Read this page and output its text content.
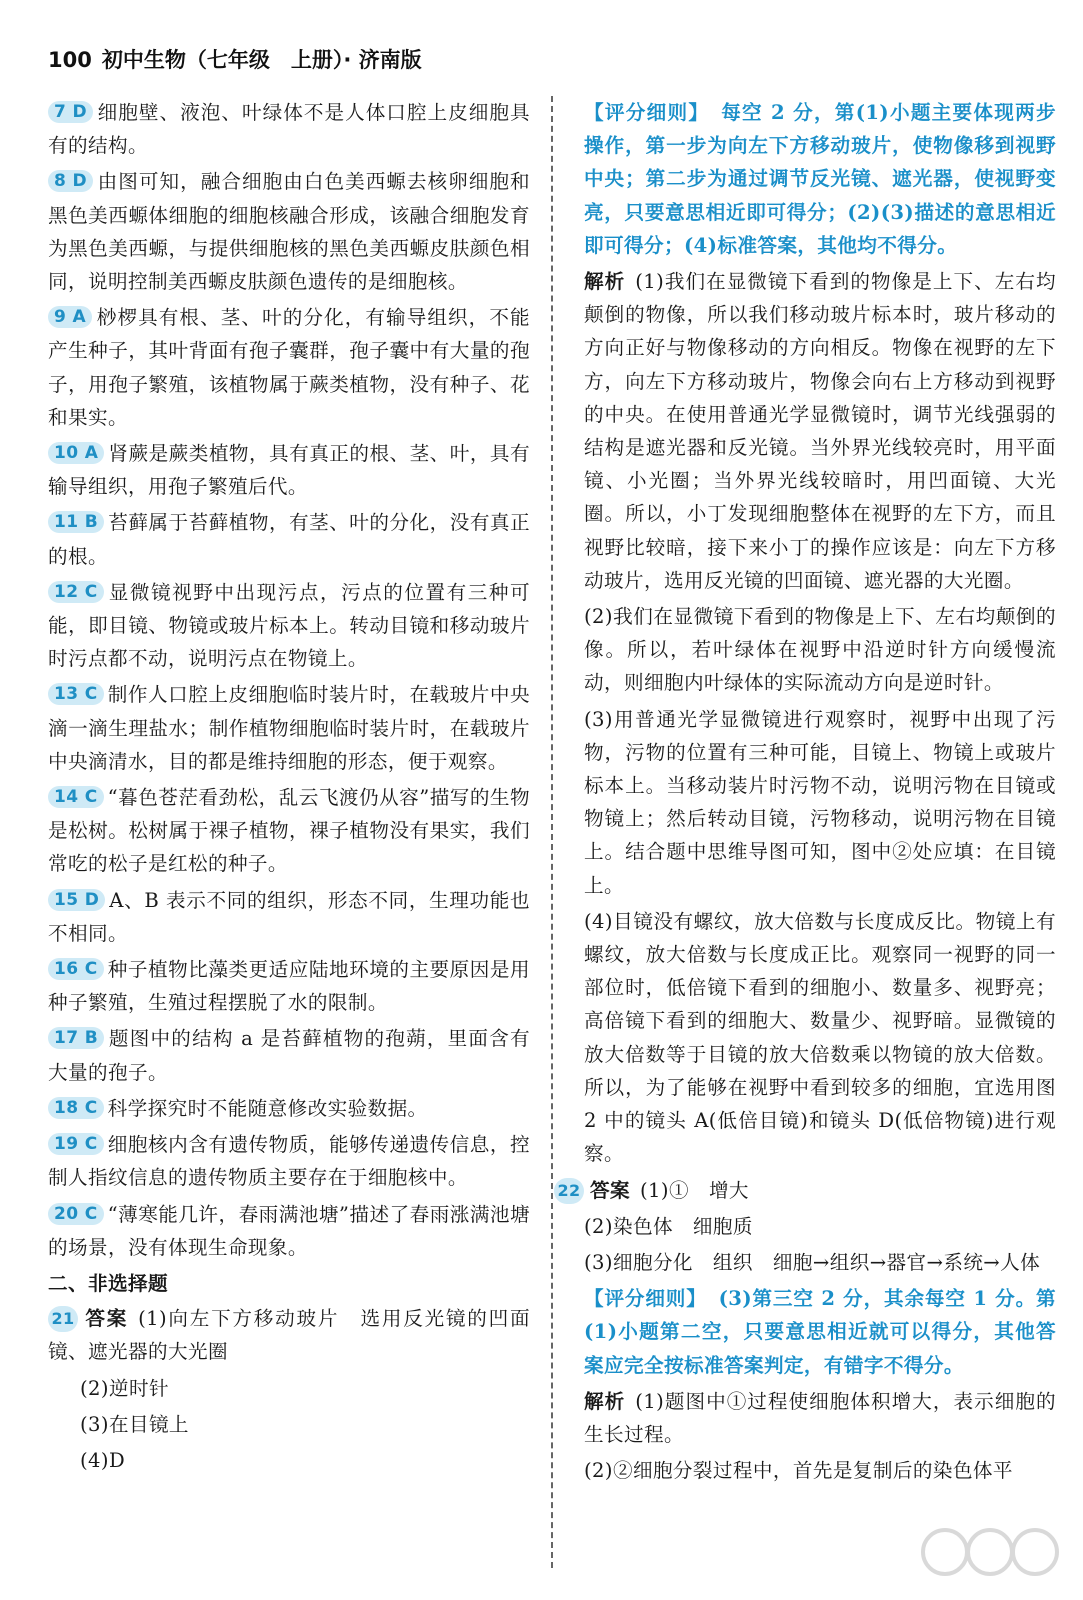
100 初中生物（七年级　上册）· 济南版
7 D 细胞壁、液泡、叶绿体不是人体口腔上皮细胞具有的结构。
8 D 由图可知，融合细胞由白色美西螈去核卵细胞和黑色美西螈体细胞的细胞核融合形成，该融合细胞发育为黑色美西螈，与提供细胞核的黑色美西螈皮肤颜色相同，说明控制美西螈皮肤颜色遗传的是细胞核。
9 A 桫椤具有根、茎、叶的分化，有输导组织，不能产生种子，其叶背面有孢子囊群，孢子囊中有大量的孢子，用孢子繁殖，该植物属于蕨类植物，没有种子、花和果实。
10 A 肾蕨是蕨类植物，具有真正的根、茎、叶，具有输导组织，用孢子繁殖后代。
11 B 苔藓属于苔藓植物，有茎、叶的分化，没有真正的根。
12 C 显微镜视野中出现污点，污点的位置有三种可能，即目镜、物镜或玻片标本上。转动目镜和移动玻片时污点都不动，说明污点在物镜上。
13 C 制作人口腔上皮细胞临时装片时，在载玻片中央滴一滴生理盐水；制作植物细胞临时装片时，在载玻片中央滴清水，目的都是维持细胞的形态，便于观察。
14 C “暮色苍茫看劲松，乱云飞渡仍从容”描写的生物是松树。松树属于裸子植物，裸子植物没有果实，我们常吃的松子是红松的种子。
15 D A、B 表示不同的组织，形态不同，生理功能也不相同。
16 C 种子植物比藻类更适应陆地环境的主要原因是用种子繁殖，生殖过程摆脱了水的限制。
17 B 题图中的结构 a 是苔藓植物的孢蒴，里面含有大量的孢子。
18 C 科学探究时不能随意修改实验数据。
19 C 细胞核内含有遗传物质，能够传递遗传信息，控制人指纹信息的遗传物质主要存在于细胞核中。
20 C “薄寒能几许，春雨满池塘”描述了春雨涨满池塘的场景，没有体现生命现象。
二、非选择题
21 答案 (1)向左下方移动玻片　选用反光镜的凹面镜、遮光器的大光圈
(2)逆时针
(3)在目镜上
(4)D

【评分细则】 每空 2 分，第(1)小题主要体现两步操作，第一步为向左下方移动玻片，使物像移到视野中央；第二步为通过调节反光镜、遮光器，使视野变亮，只要意思相近即可得分；(2)(3)描述的意思相近即可得分；(4)标准答案，其他均不得分。

解析 (1)我们在显微镜下看到的物像是上下、左右均颠倒的物像，所以我们移动玻片标本时，玻片移动的方向正好与物像移动的方向相反。物像在视野的左下方，向左下方移动玻片，物像会向右上方移动到视野的中央。在使用普通光学显微镜时，调节光线强弱的结构是遮光器和反光镜。当外界光线较亮时，用平面镜、小光圈；当外界光线较暗时，用凹面镜、大光圈。所以，小丁发现细胞整体在视野的左下方，而且视野比较暗，接下来小丁的操作应该是：向左下方移动玻片，选用反光镜的凹面镜、遮光器的大光圈。

(2)我们在显微镜下看到的物像是上下、左右均颠倒的像。所以，若叶绿体在视野中沿逆时针方向缓慢流动，则细胞内叶绿体的实际流动方向是逆时针。

(3)用普通光学显微镜进行观察时，视野中出现了污物，污物的位置有三种可能，目镜上、物镜上或玻片标本上。当移动装片时污物不动，说明污物在目镜或物镜上；然后转动目镜，污物移动，说明污物在目镜上。结合题中思维导图可知，图中②处应填：在目镜上。

(4)目镜没有螺纹，放大倍数与长度成反比。物镜上有螺纹，放大倍数与长度成正比。观察同一视野的同一部位时，低倍镜下看到的细胞小、数量多、视野亮；高倍镜下看到的细胞大、数量少、视野暗。显微镜的放大倍数等于目镜的放大倍数乘以物镜的放大倍数。所以，为了能够在视野中看到较多的细胞，宜选用图 2 中的镜头 A(低倍目镜)和镜头 D(低倍物镜)进行观察。

22 答案 (1)①　增大
(2)染色体　细胞质
(3)细胞分化　组织　细胞→组织→器官→系统→人体

【评分细则】 (3)第三空 2 分，其余每空 1 分。第(1)小题第二空，只要意思相近就可以得分，其他答案应完全按标准答案判定，有错字不得分。

解析 (1)题图中①过程使细胞体积增大，表示细胞的生长过程。

(2)②细胞分裂过程中，首先是复制后的染色体平
